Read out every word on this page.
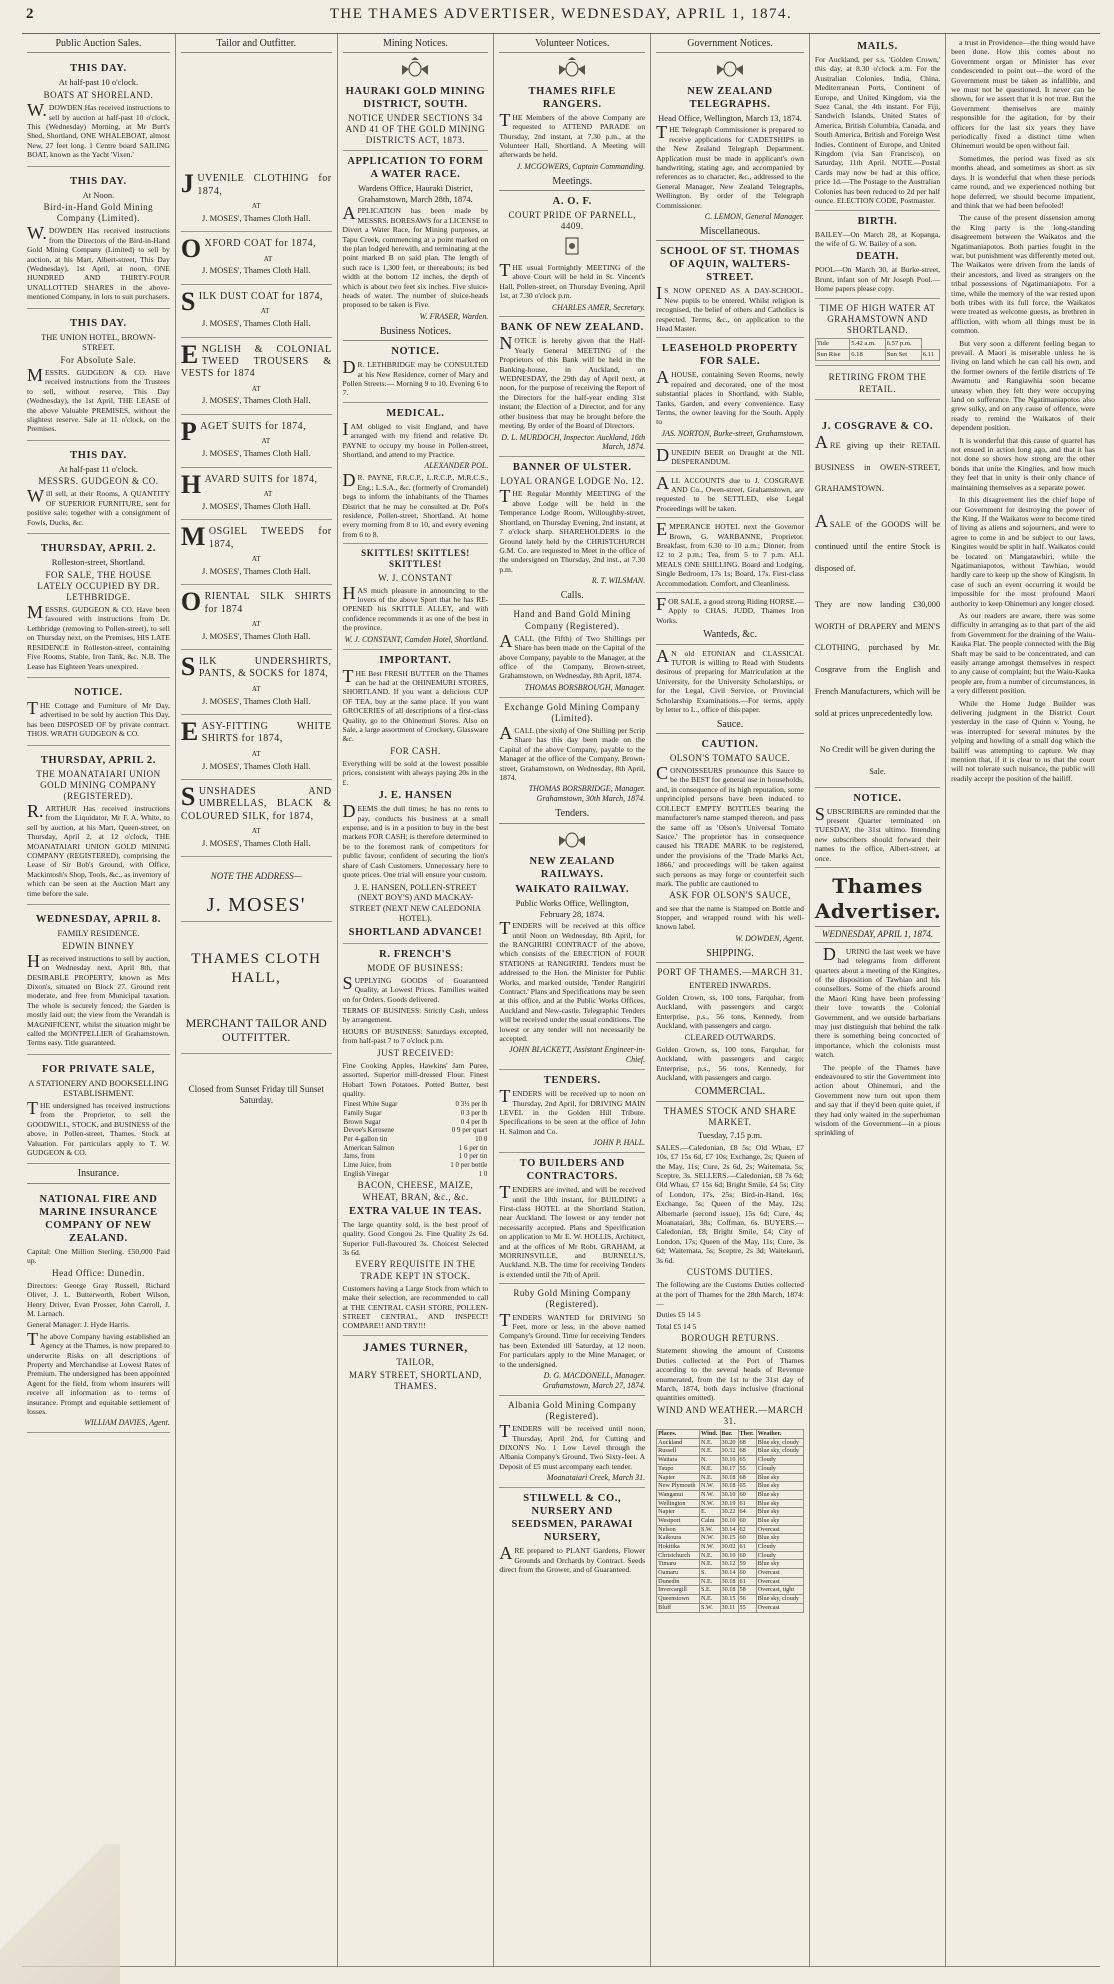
2	THE THAMES ADVERTISER, WEDNESDAY, APRIL 1, 1874.
Public Auction Sales.
THIS DAY.
At half-past 10 o'clock.
BOATS AT SHORELAND.
W.DOWDEN Has received instructions to sell by auction at half-past 10 o'clock, This (Wednesday) Morning, at Mr Burt's Shed, Shortland, ONE WHALEBOAT, almost New, 27 feet long. 1 Centre board SAILING BOAT, known as the Yacht 'Vixen.'
THIS DAY.
At Noon.
Bird-in-Hand Gold Mining Company (Limited).
W.DOWDEN Has received instructions from the Directors of the Bird-in-Hand Gold Mining Company (Limited) to sell by auction, at his Mart, Albert-street, This Day (Wednesday), 1st April, at noon, ONE HUNDRED AND THIRTY-FOUR UNALLOTTED SHARES in the above-mentioned Company, in lots to suit purchasers.
THIS DAY.
THE UNION HOTEL, BROWN-STREET.
For Absolute Sale.
MESSRS. GUDGEON & CO. Have received instructions from the Trustees to sell, without reserve, This Day (Wednesday), the 1st April, THE LEASE of the above Valuable PREMISES, without the slightest reserve. Sale at 11 o'clock, on the Premises.
THIS DAY.
At half-past 11 o'clock.
MESSRS. GUDGEON & CO.
Will sell, at their Rooms, A QUANTITY OF SUPERIOR FURNITURE, sent for positive sale; together with a consignment of Fowls, Ducks, &c.
THURSDAY, APRIL 2.
Rolleston-street, Shortland.
FOR SALE, THE HOUSE LATELY OCCUPIED BY DR. LETHBRIDGE.
MESSRS. GUDGEON & CO. Have been favoured with instructions from Dr. Lethbridge (removing to Pollen-street), to sell on Thursday next, on the Premises, HIS LATE RESIDENCE in Rolleston-street, containing Five Rooms, Stable, Iron Tank, &c. N.B. The Lease has Eighteen Years unexpired.
NOTICE.
THE Cottage and Furniture of Mr Day, advertised to be sold by auction This Day, has been DISPOSED OF by private contract. THOS. WRATH GUDGEON & CO.
THURSDAY, APRIL 2.
THE MOANATAIARI UNION GOLD MINING COMPANY (REGISTERED).
R.ARTHUR Has received instructions from the Liquidator, Mr F. A. White, to sell by auction, at his Mart, Queen-street, on Thursday, April 2, at 12 o'clock, THE MOANATAIARI UNION GOLD MINING COMPANY (REGISTERED), comprising the Lease of Sir Bob's Ground, with Office, Mackintosh's Shop, Tools, &c., as inventory of which can be seen at the Auction Mart any time before the sale.
WEDNESDAY, APRIL 8.
FAMILY RESIDENCE.
EDWIN BINNEY
Has received instructions to sell by auction, on Wednesday next, April 8th, that DESIRABLE PROPERTY, known as Mrs Dixon's, situated on Block 27. Ground rent moderate, and free from Municipal taxation. The whole is securely fenced; the Garden is mostly laid out; the view from the Verandah is MAGNIFICENT, whilst the situation might be called the MONTPELLIER of Grahamstown. Terms easy. Title guaranteed.
FOR PRIVATE SALE,
A STATIONERY AND BOOKSELLING ESTABLISHMENT.
THE undersigned has received instructions from the Proprietor, to sell the GOODWILL, STOCK, and BUSINESS of the above, in Pollen-street, Thames. Stock at Valuation. For particulars apply to T. W. GUDGEON & CO.
Insurance.
NATIONAL FIRE AND MARINE INSURANCE COMPANY OF NEW ZEALAND.
Capital: One Million Sterling. £50,000 Paid up.
Head Office: Dunedin.
Directors: George Gray Russell, Richard Oliver, J. L. Butterworth, Robert Wilson, Henry Driver, Evan Prosser, John Carroll, J. M. Larnach.
General Manager: J. Hyde Harris.
The above Company having established an Agency at the Thames, is now prepared to underwrite Risks on all descriptions of Property and Merchandise at Lowest Rates of Premium. The undersigned has been appointed Agent for the field, from whom insurers will receive all information as to terms of insurance. Prompt and equitable settlement of losses.
WILLIAM DAVIES, Agent.
Tailor and Outfitter.
JUVENILE CLOTHING for 1874,
AT
J. MOSES', Thames Cloth Hall.
OXFORD COAT for 1874,
AT
J. MOSES', Thames Cloth Hall.
SILK DUST COAT for 1874,
AT
J. MOSES', Thames Cloth Hall.
ENGLISH & COLONIAL TWEED TROUSERS & VESTS for 1874
AT
J. MOSES', Thames Cloth Hall.
PAGET SUITS for 1874,
AT
J. MOSES', Thames Cloth Hall.
HAVARD SUITS for 1874,
AT
J. MOSES', Thames Cloth Hall.
MOSGIEL TWEEDS for 1874,
AT
J. MOSES', Thames Cloth Hall.
ORIENTAL SILK SHIRTS for 1874
AT
J. MOSES', Thames Cloth Hall.
SILK UNDERSHIRTS, PANTS, & SOCKS for 1874,
AT
J. MOSES', Thames Cloth Hall.
EASY-FITTING WHITE SHIRTS for 1874,
AT
J. MOSES', Thames Cloth Hall.
SUNSHADES AND UMBRELLAS, BLACK & COLOURED SILK, for 1874,
AT
J. MOSES', Thames Cloth Hall.
NOTE THE ADDRESS—
J. MOSES'
THAMES CLOTH HALL,
MERCHANT TAILOR AND OUTFITTER.
Closed from Sunset Friday till Sunset Saturday.
Mining Notices.
HAURAKI GOLD MINING DISTRICT, SOUTH.
NOTICE UNDER SECTIONS 34 AND 41 OF THE GOLD MINING DISTRICTS ACT, 1873.
APPLICATION TO FORM A WATER RACE.
Wardens Office, Hauraki District, Grahamstown, March 28th, 1874.
APPLICATION has been made by MESSRS. BORESAWS for a LICENSE to Divert a Water Race, for Mining purposes, at Tapu Creek, commencing at a point marked on the plan lodged herewith, and terminating at the point marked B on said plan. The length of such race is 1,300 feet, or thereabouts; its bed width at the bottom 12 inches, the depth of which is about two feet six inches. Five sluice-heads of water. The number of sluice-heads proposed to be taken is Five.
W. FRASER, Warden.
Business Notices.
NOTICE.
DR. LETHBRIDGE may be CONSULTED at his New Residence, corner of Mary and Pollen Streets:— Morning 9 to 10. Evening 6 to 7.
MEDICAL.
IAM obliged to visit England, and have arranged with my friend and relative Dr. PAYNE to occupy my house in Pollen-street, Shortland, and attend to my Practice.
ALEXANDER POL.
DR. PAYNE, F.R.C.P., L.R.C.P., M.R.C.S., Eng.; L.S.A., &c. (formerly of Cromandel) begs to inform the inhabitants of the Thames District that he may be consulted at Dr. Pol's residence, Pollen-street, Shortland. At home every morning from 8 to 10, and every evening from 6 to 8.
SKITTLES! SKITTLES! SKITTLES!
W. J. CONSTANT
HAS much pleasure in announcing to the lovers of the above Sport that he has RE-OPENED his SKITTLE ALLEY, and with confidence recommends it as one of the best in the province.
W. J. CONSTANT, Camden Hotel, Shortland.
IMPORTANT.
THE Best FRESH BUTTER on the Thames can be had at the OHINEMURI STORES, SHORTLAND. If you want a delicious CUP OF TEA, buy at the same place. If you want GROCERIES of all descriptions of a first-class Quality, go to the Ohinemuri Stores. Also on Sale, a large assortment of Crockery, Glassware &c.
FOR CASH.
Everything will be sold at the lowest possible prices, consistent with always paying 20s in the £.
J. E. HANSEN
DEEMS the dull times; he has no rents to pay, conducts his business at a small expense, and is in a position to buy in the best markets FOR CASH; is therefore determined to be to the foremost rank of competitors for public favour, confident of securing the lion's share of Cash Customers. Unnecessary here to quote prices. One trial will ensure your custom.
J. E. HANSEN, POLLEN-STREET (NEXT BOY'S) AND MACKAY-STREET (NEXT NEW CALEDONIA HOTEL).
SHORTLAND ADVANCE!
R. FRENCH'S
MODE OF BUSINESS:
SUPPLYING GOODS of Guaranteed Quality, at Lowest Prices. Families waited on for Orders. Goods delivered.
TERMS OF BUSINESS: Strictly Cash, unless by arrangement.
HOURS OF BUSINESS: Saturdays excepted, from half-past 7 to 7 o'clock p.m.
JUST RECEIVED:
Fine Cooking Apples, Hawkins' Jam Puree, assorted. Superior mill-dressed Flour. Finest Hobart Town Potatoes. Potted Butter, best quality.
Finest White Sugar	0 3½ per lb
Family Sugar	0 3 per lb
Brown Sugar	0 4 per lb
Devoe's Kerosene	0 9 per quart
Per 4-gallon tin	10 0
American Salmon	1 6 per tin
Jams, from	1 0 per tin
Lime Juice, from	1 0 per bottle
English Vinegar	1 0
BACON, CHEESE, MAIZE, WHEAT, BRAN, &c., &c.
EXTRA VALUE IN TEAS.
The large quantity sold, is the best proof of quality. Good Congou 2s. Fine Quality 2s 6d. Superior Full-flavoured 3s. Choicest Selected 3s 6d.
EVERY REQUISITE IN THE TRADE KEPT IN STOCK.
Customers having a Large Stock from which to make their selection, are recommended to call at THE CENTRAL CASH STORE, POLLEN-STREET CENTRAL, AND INSPECT! COMPARE!! AND TRY!!!
JAMES TURNER,
TAILOR,
MARY STREET, SHORTLAND, THAMES.
Volunteer Notices.
THAMES RIFLE RANGERS.
THE Members of the above Company are requested to ATTEND PARADE on Thursday, 2nd instant, at 7.30 p.m., at the Volunteer Hall, Shortland. A Meeting will afterwards be held.
J. MCGOWERS, Captain Commanding.
Meetings.
A. O. F.
COURT PRIDE OF PARNELL, 4409.
THE usual Fortnightly MEETING of the above Court will be held in St. Vincent's Hall, Pollen-street, on Thursday Evening, April 1st, at 7.30 o'clock p.m.
CHARLES AMER, Secretary.
BANK OF NEW ZEALAND.
NOTICE is hereby given that the Half-Yearly General MEETING of the Proprietors of this Bank will be held in the Banking-house, in Auckland, on WEDNESDAY, the 29th day of April next, at noon, for the purpose of receiving the Report of the Directors for the half-year ending 31st instant; the Election of a Director, and for any other business that may be brought before the meeting. By order of the Board of Directors.
D. L. MURDOCH, Inspector. Auckland, 16th March, 1874.
BANNER OF ULSTER.
LOYAL ORANGE LODGE No. 12.
THE Regular Monthly MEETING of the above Lodge will be held in the Temperance Lodge Room, Willoughby-street, Shortland, on Thursday Evening, 2nd instant, at 7 o'clock sharp. SHAREHOLDERS in the Ground lately held by the CHRISTCHURCH G.M. Co. are requested to Meet in the office of the undersigned on Thursday, 2nd inst., at 7.30 p.m.
R. T. WILSMAN.
Calls.
Hand and Band Gold Mining Company (Registered).
ACALL (the Fifth) of Two Shillings per Share has been made on the Capital of the above Company, payable to the Manager, at the office of the Company, Brown-street, Grahamstown, on Wednesday, 8th April, 1874.
THOMAS BORSBROUGH, Manager.
Exchange Gold Mining Company (Limited).
ACALL (the sixth) of One Shilling per Scrip Share has this day been made on the Capital of the above Company, payable to the Manager at the office of the Company, Brown-street, Grahamstown, on Wednesday, 8th April, 1874.
THOMAS BORSBRIDGE, Manager. Grahamstown, 30th March, 1874.
Tenders.
NEW ZEALAND RAILWAYS.
WAIKATO RAILWAY.
Public Works Office, Wellington, February 28, 1874.
TENDERS will be received at this office until Noon on Wednesday, 8th April, for the RANGIRIRI CONTRACT of the above, which consists of the ERECTION of FOUR STATIONS at RANGIRIRI. Tenders must be addressed to the Hon. the Minister for Public Works, and marked outside, 'Tender Rangiriri Contract.' Plans and Specifications may be seen at this office, and at the Public Works Offices, Auckland and New-castle. Telegraphic Tenders will be received under the usual conditions. The lowest or any tender will not necessarily be accepted.
JOHN BLACKETT, Assistant Engineer-in-Chief.
TENDERS.
TENDERS will be received up to noon on Thursday, 2nd April, for DRIVING MAIN LEVEL in the Golden Hill Tribute. Specifications to be seen at the office of John H. Salmon and Co.
JOHN P. HALL.
TO BUILDERS AND CONTRACTORS.
TENDERS are invited, and will be received until the 10th instant, for BUILDING a First-class HOTEL at the Shortland Station, near Auckland. The lowest or any tender not necessarily accepted. Plans and Specification on application to Mr E. W. HOLLIS, Architect, and at the offices of Mr Robt. GRAHAM, at MORRINSVILLE, and BURNELL'S, Auckland. N.B. The time for receiving Tenders is extended until the 7th of April.
Ruby Gold Mining Company (Registered).
TENDERS WANTED for DRIVING 50 Feet, more or less, in the above named Company's Ground. Time for receiving Tenders has been Extended till Saturday, at 12 noon. For particulars apply to the Mine Manager, or to the undersigned.
D. G. MACDONELL, Manager. Grahamstown, March 27, 1874.
Albania Gold Mining Company (Registered).
TENDERS will be received until noon, Thursday, April 2nd, for Cutting and DIXON'S No. 1 Low Level through the Albania Company's Ground. Two Sixty-feet. A Deposit of £5 must accompany each tender.
Moanataiari Creek, March 31.
STILWELL & CO., NURSERY AND SEEDSMEN, PARAWAI NURSERY,
ARE prepared to PLANT Gardens, Flower Grounds and Orchards by Contract. Seeds direct from the Grower, and of Guaranteed.
Government Notices.
NEW ZEALAND TELEGRAPHS.
Head Office, Wellington, March 13, 1874.
THE Telegraph Commissioner is prepared to receive applications for CADETSHIPS in the New Zealand Telegraph Department. Application must be made in applicant's own handwriting, stating age, and accompanied by references as to character, &c., addressed to the General Manager, New Zealand Telegraphs, Wellington. By order of the Telegraph Commissioner.
C. LEMON, General Manager.
Miscellaneous.
SCHOOL OF ST. THOMAS OF AQUIN, WALTERS-STREET.
IS NOW OPENED AS A DAY-SCHOOL. New pupils to be entered. Whilst religion is recognised, the belief of others and Catholics is respected. Terms, &c., on application to the Head Master.
LEASEHOLD PROPERTY FOR SALE.
AHOUSE, containing Seven Rooms, newly repaired and decorated, one of the most substantial places in Shortland, with Stable, Tanks, Garden, and every convenience. Easy Terms, the owner leaving for the South. Apply to
JAS. NORTON, Burke-street, Grahamstown.
DUNEDIN BEER on Draught at the NIL DESPERANDUM.
ALL ACCOUNTS due to J. COSGRAVE AND Co., Owen-street, Grahamstown, are requested to be SETTLED, else Legal Proceedings will be taken.
EMPERANCE HOTEL next the Governor Brown, G. WARBANNE, Proprietor. Breakfast, from 6.30 to 10 a.m.; Dinner, from 12 to 2 p.m.; Tea, from 5 to 7 p.m. ALL MEALS ONE SHILLING. Board and Lodging, Single Bedroom, 17s 1s; Board, 17s. First-class Accommodation. Comfort, and Cleanliness.
FOR SALE, a good strong Riding HORSE.—Apply to CHAS. JUDD, Thames Iron Works.
Wanteds, &c.
AN old ETONIAN and CLASSICAL TUTOR is willing to Read with Students desirous of preparing for Matriculation at the University, for the University Scholarships, or for the Legal, Civil Service, or Provincial Scholarship Examinations.—For terms, apply by letter to L., office of this paper.
Sauce.
CAUTION.
OLSON'S TOMATO SAUCE.
CONNOISSEURS pronounce this Sauce to be the BEST for general use in households, and, in consequence of its high reputation, some unprincipled persons have been induced to COLLECT EMPTY BOTTLES bearing the manufacturer's name stamped thereon, and pass the same off as 'Olson's Universal Tomato Sauce.' The proprietor has in consequence caused his TRADE MARK to be registered, under the provisions of the 'Trade Marks Act, 1866,' and proceedings will be taken against such persons as may forge or counterfeit such mark. The public are cautioned to
ASK FOR OLSON'S SAUCE,
and see that the name is Stamped on Bottle and Stopper, and wrapped round with his well-known label.
W. DOWDEN, Agent.
SHIPPING.
PORT OF THAMES.—MARCH 31.
ENTERED INWARDS.
Golden Crown, ss, 100 tons, Farquhar, from Auckland, with passengers and cargo; Enterprise, p.s., 56 tons, Kennedy, from Auckland, with passengers and cargo.
CLEARED OUTWARDS.
Golden Crown, ss, 100 tons, Farquhar, for Auckland, with passengers and cargo; Enterprise, p.s., 56 tons, Kennedy, for Auckland, with passengers and cargo.
COMMERCIAL.
THAMES STOCK AND SHARE MARKET.
Tuesday, 7.15 p.m.
SALES.—Caledonian, £8 5s; Old Whau, £7 10s, £7 15s 6d, £7 10s; Exchange, 2s; Queen of the May, 11s; Cure, 2s 6d, 2s; Waitemata, 5s; Sceptre, 3s. SELLERS.—Caledonian, £8 7s 6d; Old Whau, £7 15s 6d; Bright Smile, £4 5s; City of London, 17s, 25s; Bird-in-Hand, 16s; Exchange, 5s; Queen of the May, 12s; Albemarle (second issue), 15s 6d; Cure, 4s; Moanataiari, 38s; Coffman, 6s. BUYERS.—Caledonian, £8; Bright Smile, £4; City of London, 17s; Queen of the May, 11s; Cure, 3s 6d; Waitemata, 5s; Sceptre, 2s 3d; Waitekauri, 3s 6d.
CUSTOMS DUTIES.
The following are the Customs Duties collected at the port of Thames for the 28th March, 1874:—
Duties £5 14 5
Total £5 14 5
BOROUGH RETURNS.
Statement showing the amount of Customs Duties collected at the Port of Thames according to the several heads of Revenue enumerated, from the 1st to the 31st day of March, 1874, both days inclusive (fractional quantities omitted).
WIND AND WEATHER.—MARCH 31.
Places.	Wind.	Bar.	Ther.	Weather.
Auckland	N.E.	30.20	68	Blue sky, cloudy
Russell	N.E.	30.32	68	Blue sky, cloudy
Waitara	N.	30.10	65	Cloudy
Taupo	N.E.	30.17	55	Cloudy
Napier	N.E.	30.18	68	Blue sky
New Plymouth	N.W.	30.18	65	Blue sky
Wanganui	N.W.	30.10	60	Blue sky
Wellington	N.W.	30.19	61	Blue sky
Napier	E.	30.22	64	Blue sky
Westport	Calm	30.10	60	Blue sky
Nelson	S.W.	30.14	62	Overcast
Kaikoura	N.W.	30.15	60	Blue sky
Hokitika	N.W.	30.02	61	Cloudy
Christchurch	N.E.	30.10	60	Cloudy
Timaru	N.E.	30.12	59	Blue sky
Oamaru	S.	30.14	60	Overcast
Dunedin	N.E.	30.18	61	Overcast
Invercargill	S.E.	30.18	58	Overcast, tight
Queenstown	N.E.	30.15	56	Blue sky, cloudy
Bluff	S.W.	30.11	55	Overcast
MAILS.
For Auckland, per s.s. 'Golden Crown,' this day, at 8.30 o'clock a.m. For the Australian Colonies, India, China, Mediterranean Ports, Continent of Europe, and United Kingdom, via the Suez Canal, the 4th instant. For Fiji, Sandwich Islands, United States of America, British Columbia, Canada, and South America, British and Foreign West Indies, Continent of Europe, and United Kingdom (via San Francisco), on Saturday, 11th April. NOTE.—Postal Cards may now be had at this office, price 1d.—The Postage to the Australian Colonies has been reduced to 2d per half ounce. ELECTION CODE, Postmaster.
BIRTH.
BAILEY—On March 28, at Kopanga, the wife of G. W. Bailey of a son.
DEATH.
POOL—On March 30, at Burke-street, Brunt, infant son of Mr Joseph Pool.—Home papers please copy.
TIME OF HIGH WATER AT GRAHAMSTOWN AND SHORTLAND.
Tide	5.42 a.m.	6.57 p.m.	
Sun Rise	6.18	Sun Set	6.11
RETIRING FROM THE RETAIL.
J. COSGRAVE & CO.
ARE giving up their RETAIL BUSINESS in OWEN-STREET, GRAHAMSTOWN.
ASALE of the GOODS will be continued until the entire Stock is disposed of.
They are now landing £30,000 WORTH of DRAPERY and MEN'S CLOTHING, purchased by Mr. Cosgrave from the English and French Manufacturers, which will be sold at prices unprecedentedly low.
No Credit will be given during the Sale.
NOTICE.
SUBSCRIBERS are reminded that the present Quarter terminated on TUESDAY, the 31st ultimo. Intending new subscribers should forward their names to the office, Albert-street, at once.
Thames Advertiser.
WEDNESDAY, APRIL 1, 1874.

DURING the last week we have had telegrams from different quarters about a meeting of the Kingites, of the disposition of Tawhiao and his counsellors. Some of the chiefs around the Maori King have been professing their love towards the Colonial Government, and we outside barbarians may just distinguish that behind the talk there is something being concocted of importance, which the colonists must watch.

The people of the Thames have endeavoured to stir the Government into action about Ohinemuri, and the Government now turn out upon them and say that if they'd been quite quiet, if they had only waited in the superhuman wisdom of the Government—in a pious sprinkling of

a trust in Providence—the thing would have been done. How this comes about no Government organ or Minister has ever condescended to point out—the word of the Government must be taken as infallible, and we must not be questioned. It never can be shown, for we assert that it is not true. But the Government themselves are mainly responsible for the agitation, for by their officers for the last six years they have periodically fixed a distinct time when Ohinemuri would be open without fail.

Sometimes, the period was fixed as six months ahead, and sometimes as short as six days. It is wonderful that when these periods came round, and we experienced nothing but hope deferred, we should become impatient, and think that we had been befooled!

The cause of the present dissension among the King party is the long-standing disagreement between the Waikatos and the Ngatimaniapotos. Both parties fought in the war, but punishment was differently meted out. The Waikatos were driven from the lands of their ancestors, and lived as strangers on the tribal possessions of Ngatimaniapoto. For a time, while the memory of the war rested upon both tribes with its full force, the Waikatos were treated as welcome guests, as brethren in affliction, with whom all things must be in common.

But very soon a different feeling began to prevail. A Maori is miserable unless he is living on land which he can call his own, and the former owners of the fertile districts of Te Awamutu and Rangiawhia soon became uneasy when they felt they were occupying land on sufferance. The Ngatimaniapotos also grew sulky, and on any cause of offence, were ready to remind the Waikatos of their dependent position.

It is wonderful that this cause of quarrel has not ensued in action long ago, and that it has not done so shows how strong are the other bonds that unite the Kingites, and how much they feel that in unity is their only chance of maintaining themselves as a separate power.

In this disagreement lies the chief hope of our Government for destroying the power of the King. If the Waikatos were to become tired of living as aliens and sojourners, and were to agree to come in and be subject to our laws, Kingites would be split in half. Waikatos could be located on Mangatawhiri, while the Ngatimaniapotos, without Tawhiao, would hardly care to keep up the show of Kingism. In case of such an event occurring it would be impossible for the most profound Maori authority to keep Ohinemuri any longer closed.

As our readers are aware, there was some difficulty in arranging as to that part of the aid from Government for the draining of the Waiu-Kauka Flat. The people connected with the Big Shaft may be said to be concentrated, and can easily arrange amongst themselves in respect to any cause of complaint; but the Waiu-Kauka people are, from a number of circumstances, in a very different position.

While the Home Judge Builder was delivering judgment in the District Court yesterday in the case of Quinn v. Young, he was interrupted for several minutes by the yelping and howling of a small dog which the bailiff was attempting to capture. We may mention that, if it is clear to us that the court will not tolerate such nuisance, the public will readily accept the position of the bailiff.
